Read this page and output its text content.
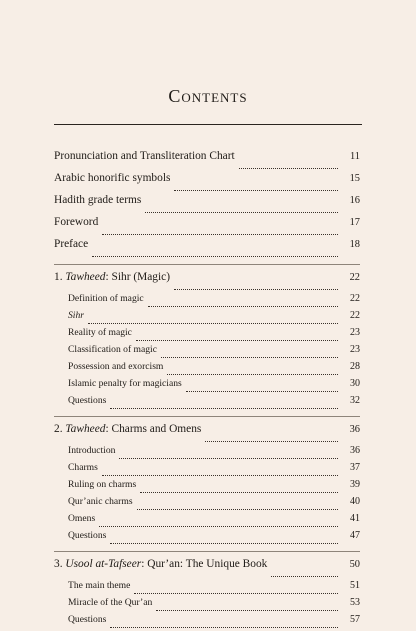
Contents
Pronunciation and Transliteration Chart	11
Arabic honorific symbols	15
Hadith grade terms	16
Foreword	17
Preface	18
1. Tawheed: Sihr (Magic)	22
Definition of magic	22
Sihr	22
Reality of magic	23
Classification of magic	23
Possession and exorcism	28
Islamic penalty for magicians	30
Questions	32
2. Tawheed: Charms and Omens	36
Introduction	36
Charms	37
Ruling on charms	39
Qur’anic charms	40
Omens	41
Questions	47
3. Usool at-Tafseer: Qur’an: The Unique Book	50
The main theme	51
Miracle of the Qur’an	53
Questions	57
